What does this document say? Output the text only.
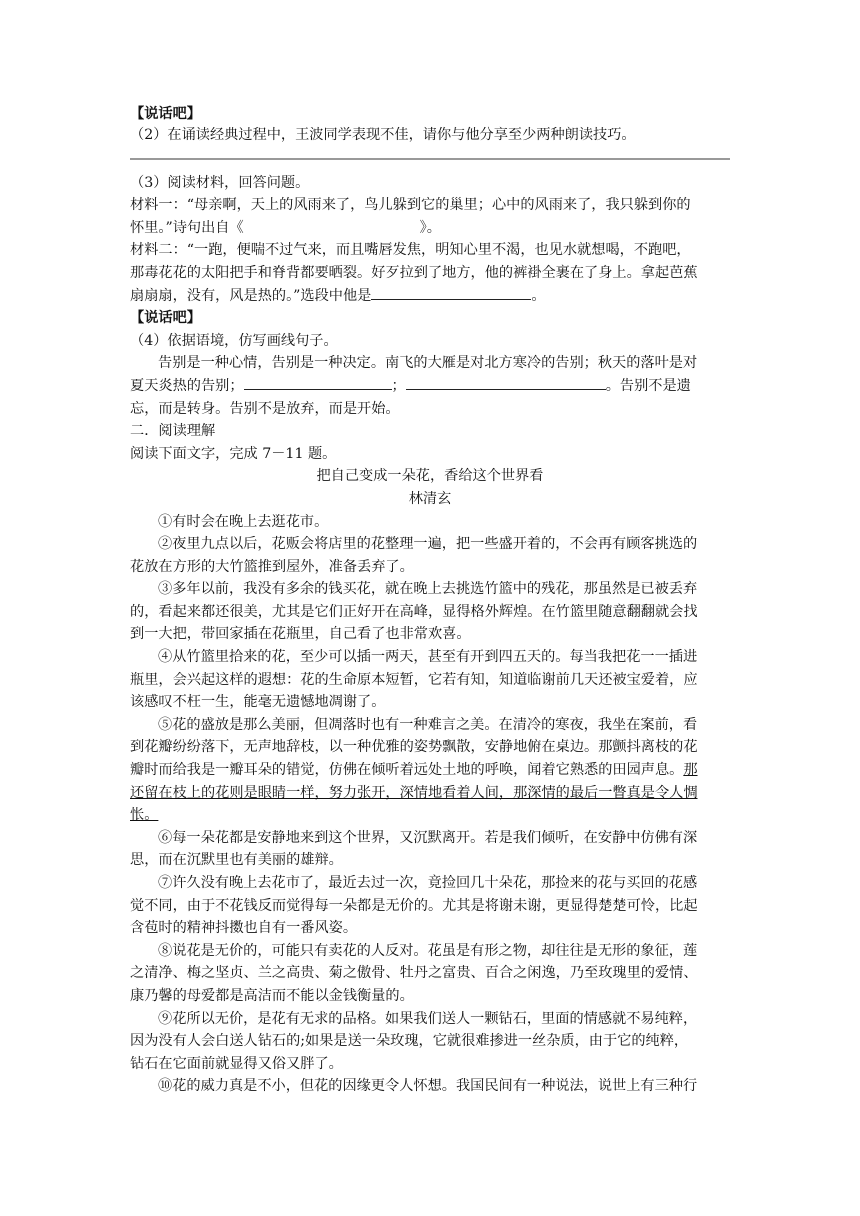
【说话吧】
（2）在诵读经典过程中，王波同学表现不佳，请你与他分享至少两种朗读技巧。
（3）阅读材料，回答问题。
材料一：“母亲啊，天上的风雨来了，鸟儿躲到它的巢里；心中的风雨来了，我只躲到你的
怀里。”诗句出自《	》。
材料二：“一跑，便喘不过气来，而且嘴唇发焦，明知心里不渴，也见水就想喝，不跑吧，
那毒花花的太阳把手和脊背都要晒裂。好歹拉到了地方，他的裤褂全裹在了身上。拿起芭蕉
扇扇扇，没有，风是热的。”选段中他是	。
【说话吧】
（4）依据语境，仿写画线句子。
告别是一种心情，告别是一种决定。南飞的大雁是对北方寒冷的告别；秋天的落叶是对
夏天炎热的告别；	；	。告别不是遗
忘，而是转身。告别不是放弃，而是开始。
二．阅读理解
阅读下面文字，完成 7－11 题。
把自己变成一朵花，香给这个世界看
林清玄
①有时会在晚上去逛花市。
②夜里九点以后，花贩会将店里的花整理一遍，把一些盛开着的，不会再有顾客挑选的
花放在方形的大竹篮推到屋外，准备丢弃了。
③多年以前，我没有多余的钱买花，就在晚上去挑选竹篮中的残花，那虽然是已被丢弃
的，看起来都还很美，尤其是它们正好开在高峰，显得格外辉煌。在竹篮里随意翻翻就会找
到一大把，带回家插在花瓶里，自己看了也非常欢喜。
④从竹篮里拾来的花，至少可以插一两天，甚至有开到四五天的。每当我把花一一插进
瓶里，会兴起这样的遐想：花的生命原本短暂，它若有知，知道临谢前几天还被宝爱着，应
该感叹不枉一生，能毫无遗憾地凋谢了。
⑤花的盛放是那么美丽，但凋落时也有一种难言之美。在清冷的寒夜，我坐在案前，看
到花瓣纷纷落下，无声地辞枝，以一种优雅的姿势飘散，安静地俯在桌边。那颤抖离枝的花
瓣时而给我是一瓣耳朵的错觉，仿佛在倾听着远处土地的呼唤，闻着它熟悉的田园声息。那
还留在枝上的花则是眼睛一样，努力张开，深情地看着人间，那深情的最后一瞥真是令人惆
怅。
⑥每一朵花都是安静地来到这个世界，又沉默离开。若是我们倾听，在安静中仿佛有深
思，而在沉默里也有美丽的雄辩。
⑦许久没有晚上去花市了，最近去过一次，竟捡回几十朵花，那捡来的花与买回的花感
觉不同，由于不花钱反而觉得每一朵都是无价的。尤其是将谢未谢，更显得楚楚可怜，比起
含苞时的精神抖擞也自有一番风姿。
⑧说花是无价的，可能只有卖花的人反对。花虽是有形之物，却往往是无形的象征，莲
之清净、梅之坚贞、兰之高贵、菊之傲骨、牡丹之富贵、百合之闲逸，乃至玫瑰里的爱情、
康乃馨的母爱都是高洁而不能以金钱衡量的。
⑨花所以无价，是花有无求的品格。如果我们送人一颗钻石，里面的情感就不易纯粹，
因为没有人会白送人钻石的;如果是送一朵玫瑰，它就很难掺进一丝杂质，由于它的纯粹，
钻石在它面前就显得又俗又胖了。
⑩花的威力真是不小，但花的因缘更令人怀想。我国民间有一种说法，说世上有三种行
